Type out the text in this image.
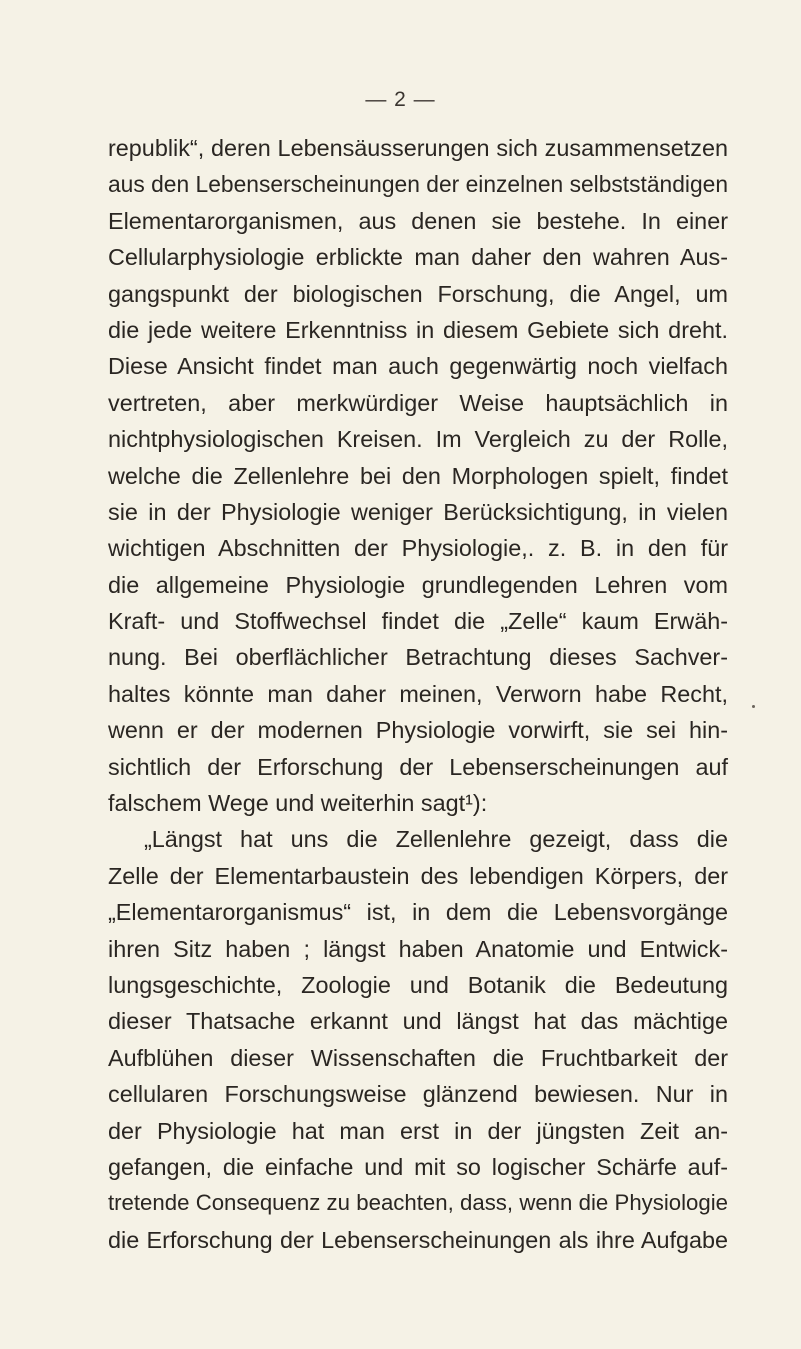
— 2 —
republik“, deren Lebensäusserungen sich zusammensetzen
aus den Lebenserscheinungen der einzelnen selbstständigen
Elementarorganismen, aus denen sie bestehe. In einer
Cellularphysiologie erblickte man daher den wahren Aus-
gangspunkt der biologischen Forschung, die Angel, um
die jede weitere Erkenntniss in diesem Gebiete sich dreht.
Diese Ansicht findet man auch gegenwärtig noch vielfach
vertreten, aber merkwürdiger Weise hauptsächlich in
nichtphysiologischen Kreisen. Im Vergleich zu der Rolle,
welche die Zellenlehre bei den Morphologen spielt, findet
sie in der Physiologie weniger Berücksichtigung, in vielen
wichtigen Abschnitten der Physiologie,. z. B. in den für
die allgemeine Physiologie grundlegenden Lehren vom
Kraft- und Stoffwechsel findet die „Zelle“ kaum Erwäh-
nung. Bei oberflächlicher Betrachtung dieses Sachver-
haltes könnte man daher meinen, Verworn habe Recht,
wenn er der modernen Physiologie vorwirft, sie sei hin-
sichtlich der Erforschung der Lebenserscheinungen auf
falschem Wege und weiterhin sagt¹):
„Längst hat uns die Zellenlehre gezeigt, dass die
Zelle der Elementarbaustein des lebendigen Körpers, der
„Elementarorganismus“ ist, in dem die Lebensvorgänge
ihren Sitz haben ; längst haben Anatomie und Entwick-
lungsgeschichte, Zoologie und Botanik die Bedeutung
dieser Thatsache erkannt und längst hat das mächtige
Aufblühen dieser Wissenschaften die Fruchtbarkeit der
cellularen Forschungsweise glänzend bewiesen. Nur in
der Physiologie hat man erst in der jüngsten Zeit an-
gefangen, die einfache und mit so logischer Schärfe auf-
tretende Consequenz zu beachten, dass, wenn die Physiologie
die Erforschung der Lebenserscheinungen als ihre Aufgabe
